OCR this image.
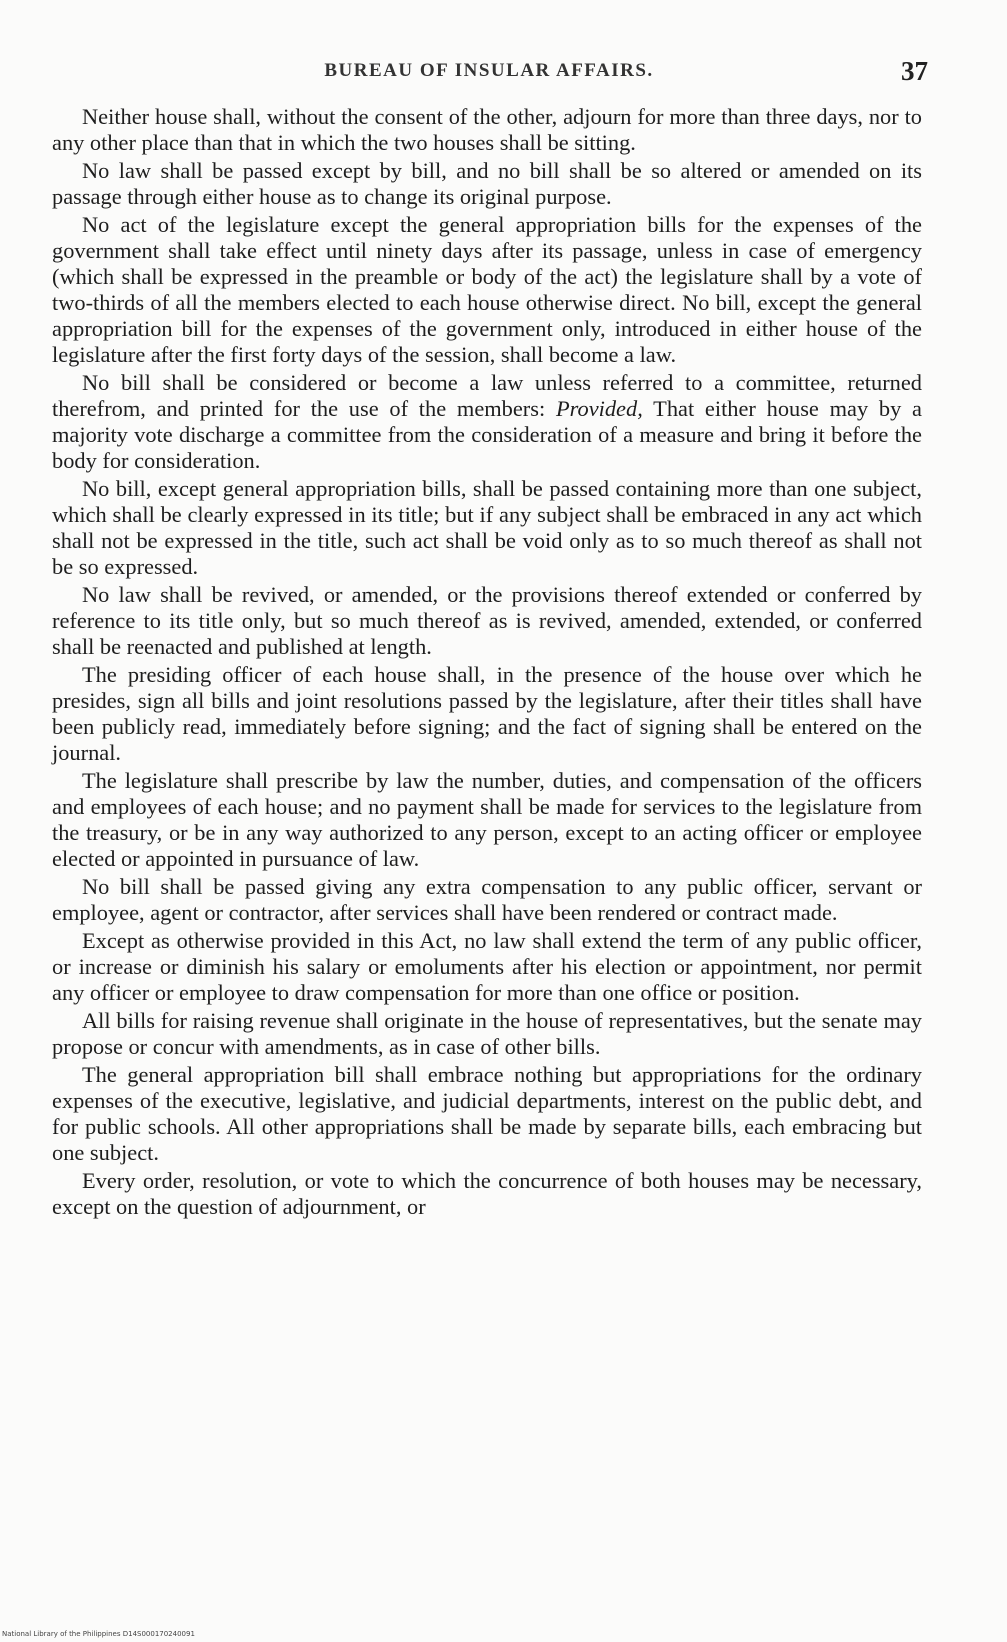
BUREAU OF INSULAR AFFAIRS.	37

Neither house shall, without the consent of the other, adjourn for more than three days, nor to any other place than that in which the two houses shall be sitting.

No law shall be passed except by bill, and no bill shall be so altered or amended on its passage through either house as to change its original purpose.

No act of the legislature except the general appropriation bills for the expenses of the government shall take effect until ninety days after its passage, unless in case of emergency (which shall be expressed in the preamble or body of the act) the legislature shall by a vote of two-thirds of all the members elected to each house otherwise direct. No bill, except the general appropriation bill for the expenses of the government only, introduced in either house of the legislature after the first forty days of the session, shall become a law.

No bill shall be considered or become a law unless referred to a committee, returned therefrom, and printed for the use of the members: Provided, That either house may by a majority vote discharge a committee from the consideration of a measure and bring it before the body for consideration.

No bill, except general appropriation bills, shall be passed containing more than one subject, which shall be clearly expressed in its title; but if any subject shall be embraced in any act which shall not be expressed in the title, such act shall be void only as to so much thereof as shall not be so expressed.

No law shall be revived, or amended, or the provisions thereof extended or conferred by reference to its title only, but so much thereof as is revived, amended, extended, or conferred shall be reenacted and published at length.

The presiding officer of each house shall, in the presence of the house over which he presides, sign all bills and joint resolutions passed by the legislature, after their titles shall have been publicly read, immediately before signing; and the fact of signing shall be entered on the journal.

The legislature shall prescribe by law the number, duties, and compensation of the officers and employees of each house; and no payment shall be made for services to the legislature from the treasury, or be in any way authorized to any person, except to an acting officer or employee elected or appointed in pursuance of law.

No bill shall be passed giving any extra compensation to any public officer, servant or employee, agent or contractor, after services shall have been rendered or contract made.

Except as otherwise provided in this Act, no law shall extend the term of any public officer, or increase or diminish his salary or emoluments after his election or appointment, nor permit any officer or employee to draw compensation for more than one office or position.

All bills for raising revenue shall originate in the house of representatives, but the senate may propose or concur with amendments, as in case of other bills.

The general appropriation bill shall embrace nothing but appropriations for the ordinary expenses of the executive, legislative, and judicial departments, interest on the public debt, and for public schools. All other appropriations shall be made by separate bills, each embracing but one subject.

Every order, resolution, or vote to which the concurrence of both houses may be necessary, except on the question of adjournment, or

National Library of the Philippines D14S000170240091
